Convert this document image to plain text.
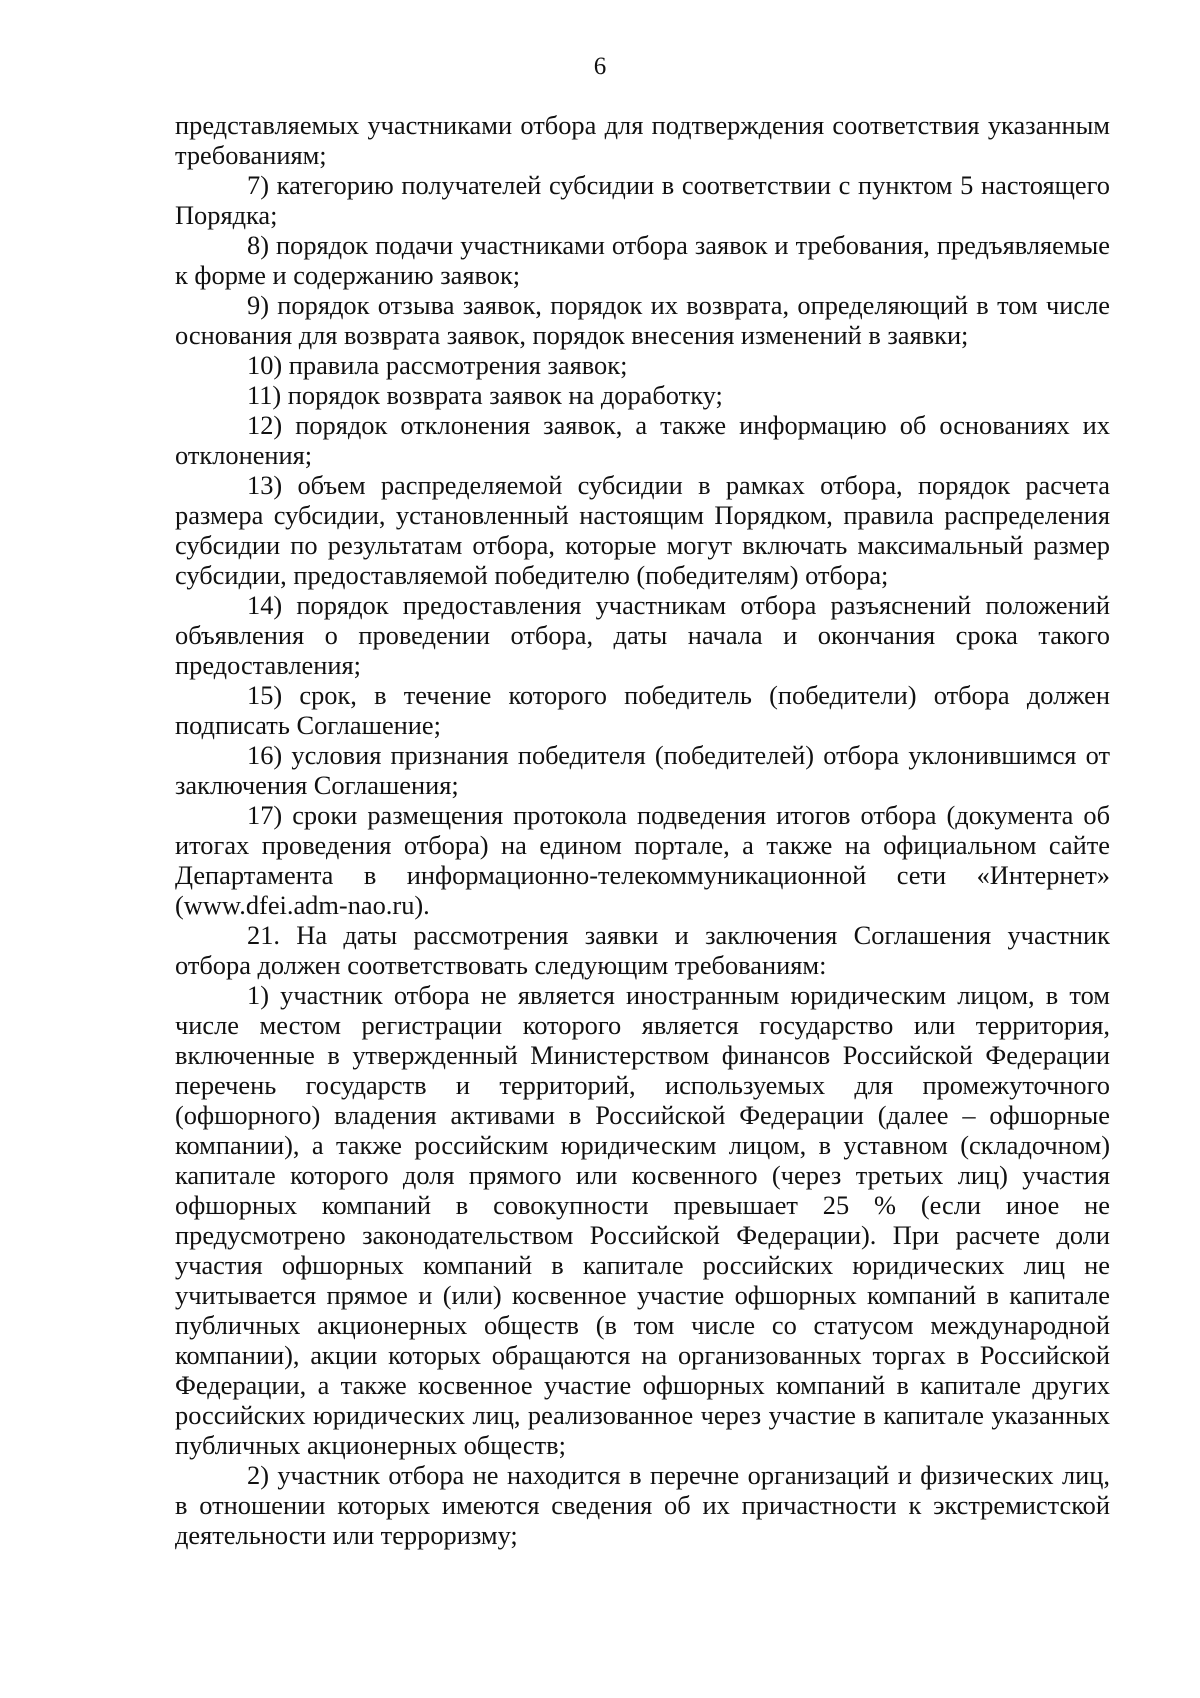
6

представляемых участниками отбора для подтверждения соответствия указанным требованиям;

7) категорию получателей субсидии в соответствии с пунктом 5 настоящего Порядка;

8) порядок подачи участниками отбора заявок и требования, предъявляемые к форме и содержанию заявок;

9) порядок отзыва заявок, порядок их возврата, определяющий в том числе основания для возврата заявок, порядок внесения изменений в заявки;

10) правила рассмотрения заявок;

11) порядок возврата заявок на доработку;

12) порядок отклонения заявок, а также информацию об основаниях их отклонения;

13) объем распределяемой субсидии в рамках отбора, порядок расчета размера субсидии, установленный настоящим Порядком, правила распределения субсидии по результатам отбора, которые могут включать максимальный размер субсидии, предоставляемой победителю (победителям) отбора;

14) порядок предоставления участникам отбора разъяснений положений объявления о проведении отбора, даты начала и окончания срока такого предоставления;

15) срок, в течение которого победитель (победители) отбора должен подписать Соглашение;

16) условия признания победителя (победителей) отбора уклонившимся от заключения Соглашения;

17) сроки размещения протокола подведения итогов отбора (документа об итогах проведения отбора) на едином портале, а также на официальном сайте Департамента в информационно-телекоммуникационной сети «Интернет» (www.dfei.adm-nao.ru).

21. На даты рассмотрения заявки и заключения Соглашения участник отбора должен соответствовать следующим требованиям:

1) участник отбора не является иностранным юридическим лицом, в том числе местом регистрации которого является государство или территория, включенные в утвержденный Министерством финансов Российской Федерации перечень государств и территорий, используемых для промежуточного (офшорного) владения активами в Российской Федерации (далее – офшорные компании), а также российским юридическим лицом, в уставном (складочном) капитале которого доля прямого или косвенного (через третьих лиц) участия офшорных компаний в совокупности превышает 25 % (если иное не предусмотрено законодательством Российской Федерации). При расчете доли участия офшорных компаний в капитале российских юридических лиц не учитывается прямое и (или) косвенное участие офшорных компаний в капитале публичных акционерных обществ (в том числе со статусом международной компании), акции которых обращаются на организованных торгах в Российской Федерации, а также косвенное участие офшорных компаний в капитале других российских юридических лиц, реализованное через участие в капитале указанных публичных акционерных обществ;

2) участник отбора не находится в перечне организаций и физических лиц, в отношении которых имеются сведения об их причастности к экстремистской деятельности или терроризму;
